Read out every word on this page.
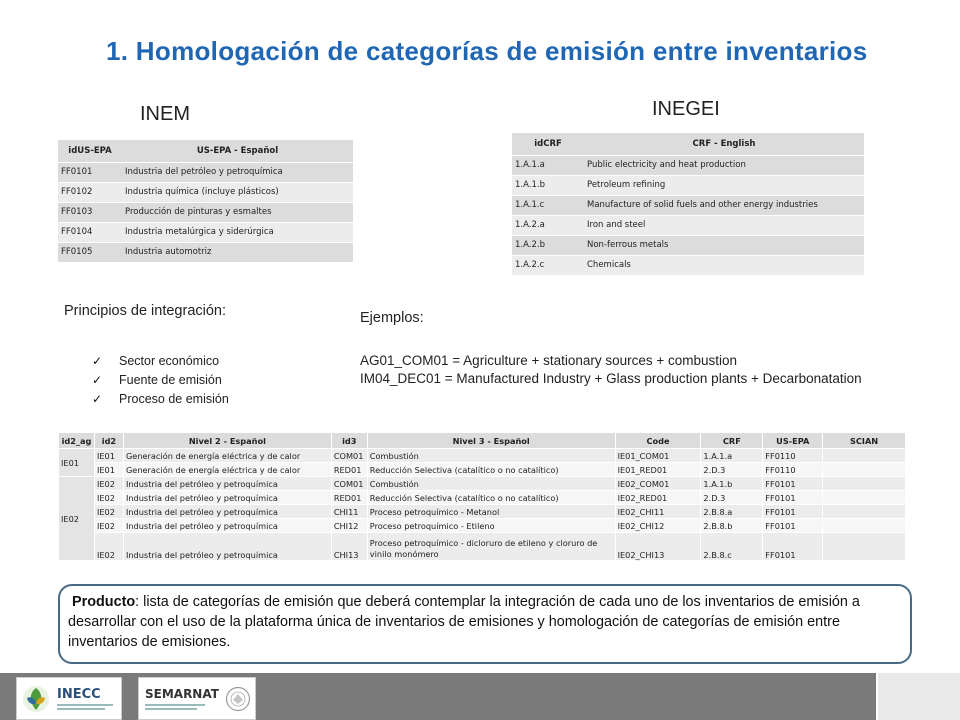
1. Homologación de categorías de emisión entre inventarios
INEM	INEGEI
idUS-EPA	US-EPA - Español
FF0101	Industria del petróleo y petroquímica
FF0102	Industria química (incluye plásticos)
FF0103	Producción de pinturas y esmaltes
FF0104	Industria metalúrgica y siderúrgica
FF0105	Industria automotriz
idCRF	CRF - English
1.A.1.a	Public electricity and heat production
1.A.1.b	Petroleum refining
1.A.1.c	Manufacture of solid fuels and other energy industries
1.A.2.a	Iron and steel
1.A.2.b	Non-ferrous metals
1.A.2.c	Chemicals
Principios de integración:
✓	Sector económico
✓	Fuente de emisión
✓	Proceso de emisión
Ejemplos:
AG01_COM01 = Agriculture + stationary sources + combustion
IM04_DEC01 = Manufactured Industry + Glass production plants + Decarbonatation
id2_ag	id2	Nivel 2 - Español	id3	Nivel 3 - Español	Code	CRF	US-EPA	SCIAN
IE01	IE01	Generación de energía eléctrica y de calor	COM01	Combustión	IE01_COM01	1.A.1.a	FF0110	
	IE01	Generación de energía eléctrica y de calor	RED01	Reducción Selectiva (catalítico o no catalítico)	IE01_RED01	2.D.3	FF0110	
IE02	IE02	Industria del petróleo y petroquímica	COM01	Combustión	IE02_COM01	1.A.1.b	FF0101	
	IE02	Industria del petróleo y petroquímica	RED01	Reducción Selectiva (catalítico o no catalítico)	IE02_RED01	2.D.3	FF0101	
	IE02	Industria del petróleo y petroquímica	CHI11	Proceso petroquímico - Metanol	IE02_CHI11	2.B.8.a	FF0101	
	IE02	Industria del petróleo y petroquímica	CHI12	Proceso petroquímico - Etileno	IE02_CHI12	2.B.8.b	FF0101	
	IE02	Industria del petróleo y petroquímica	CHI13	Proceso petroquímico - dicloruro de etileno y cloruro de vinilo monómero	IE02_CHI13	2.B.8.c	FF0101	
Producto: lista de categorías de emisión que deberá contemplar la integración de cada uno de los inventarios de emisión a desarrollar con el uso de la plataforma única de inventarios de emisiones y homologación de categorías de emisión entre inventarios de emisiones.
INECC	SEMARNAT
